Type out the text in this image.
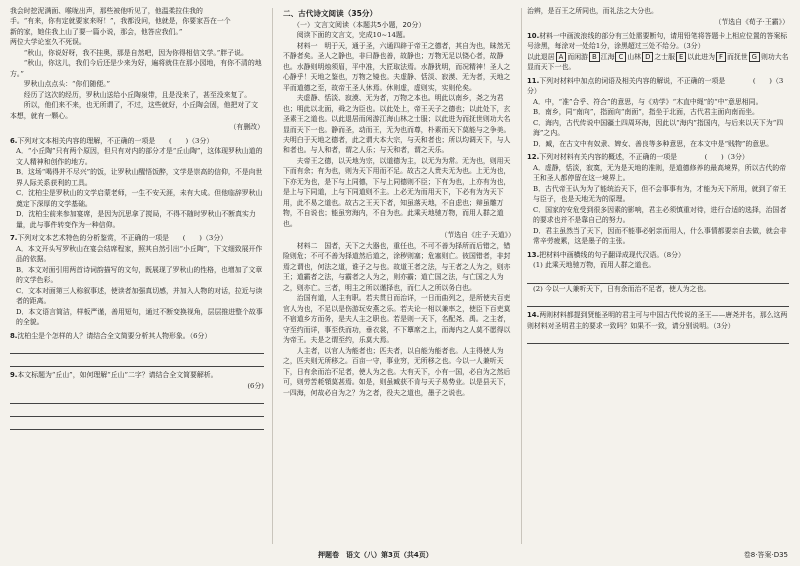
我会时挖泥满面、喉咙出声，那些被他听见了，他温柔拉住我的

手。“有来，你有定就要家来呀！”，我都没问，他就是，你要家吾在一个

新的家，她住我上山了要一篇小说，那会，他答应我们。”

两位大学论室久不死误。

“秋山，你说好呀，我不挂奥，那是自然吧，因为你得相信文学。”胖子说。

“秋山，你这儿，我们今后还是少来为好，遍将就住在那小园地，有你不清的地方。”

罗秋山点点头：“你们随便。”

经历了这次的经历，罗秋山送给小丘陶泉带，且是没来了，甚至没来复了。

所以，他们来不来，也无所谓了，不过，这些就好，小丘陶会固，他把对了文本想，就有一颗心。

（有删改）

6.下列对文本相关内容的理解，不正确的一项是　　(　　)（3分）

A．“小丘陶”只有两个原因，但只有对内的部分才是“丘山陶”，这体现罗秋山道的文人精神和创作的地方。

B．这场“喝得并不尽兴”的饭，让罗秋山醒悟饭醉，文学是崇高的信仰，不是向世界人际关系获利的工具。

C．沈柏尘是罗秋山的文学启蒙老师，一生不安天涯，未有大成。但他临辞罗秋山奠定下深厚的文学基础。

D．沈柏尘前来参加宴席，是因为沉思拿了搅局，不得不随时罗秋山不断真实力量，此与事件转变作为一种信仰。

7.下列对文本艺术特色的分析鉴赏，不正确的一项是　　(　　)（3分）

A．本文开头写罗秋山在宴会结席程家，照其自然引出“小丘陶”，下文细致展开作品的依据。

B．本文对面引用两首诗词韵描写的文句，既展现了罗秋山的性格，也增加了文章的文学色彩。

C．文本对面第三人称叙事述，使读者加强真切感，并加入人物的对话，拉近与读者的距离。

D．本文语言简洁，样板严谨，善用短句，通过不断变换视角，层层推进整个故事的全貌。

8.沈柏尘是个怎样的人？请结合全文简要分析其人物形象。（6分）

9.本文标题为“丘山”，如何理解“丘山”二字？请结合全文简要解析。

(6分)

二、古代诗文阅读（35分）

（一）文言文阅读（本题共5小题，20分）

阅读下面的文言文，完成10~14题。

材料一　明于天，通于圣，六通四辟于帝王之德者，其自为也，昧然无不静者矣。圣人之静也，非曰静也善，故静也；万物无足以铙心者，故静也。水静则明烛须眉，平中准，大匠取法焉。水静犹明，而况精神！圣人之心静乎！天地之鉴也，万物之镜也。夫虚静、恬淡、寂漠、无为者，天地之平而道德之至，故帝王圣人休焉。休则虚，虚则实，实则伦矣。

夫虚静、恬淡、寂漠、无为者，万物之本也。明此以南乡，尧之为君也；明此以北面，舜之为臣也。以此处上，帝王天子之德也；以此处下，玄圣素王之道也。以此退居而闲游江海山林之士服；以此进为而抚世则功大名显而天下一也。静而圣，动而王，无为也而尊，朴素而天下莫能与之争美。夫明白于天地之德者，此之谓大本大宗，与天和者也；所以均调天下，与人和者也。与人和者，谓之人乐；与天和者，谓之天乐。

夫帝王之德，以天地为宗，以道德为主，以无为为常。无为也，则用天下而有余；有为也，则为天下用而不足。故古之人贵夫无为也。上无为也，下亦无为也，是下与上同德，下与上同德则不臣；下有为也，上亦有为也，是上与下同道，上与下同道则不主。上必无为而用天下，下必有为为天下用，此不易之道也。故古之王天下者，知虽落天地，不自虑也；辩虽雕万物，不自说也；能虽穷海内，不自为也。此乘天地驰万物，而用人群之道也。

（节选自《庄子·天道》）

材料二　国者，天下之大器也，重任也，不可不善为择所而后错之，错险则危；不可不善为择道然后道之，涂秽则塞；危塞则亡。彼国错者，非封焉之谓也，何法之道，谁子之与也。故道王者之法，与王者之人为之，则亦王；道霸者之法，与霸者之人为之，则亦霸；道亡国之法，与亡国之人为之，则亦亡。三者，明主之所以谨择也，而仁人之所以务白也。

治国有道，人主有职。若夫贯日而治详，一日而曲列之，是所使夫百吏官人为也，不足以是伤游玩安燕之乐。若夫论一相以兼率之，使臣下百吏莫不宿道乡方而务，是夫人主之职也。若是则一天下，名配尧、禹。之主者，守至约而详，事至佚而功，垂衣裳，不下簟席之上，而海内之人莫不愿得以为帝王。夫是之谓至约，乐莫大焉。

人主者，以官人为能者也；匹夫者，以自能为能者也。人主得使人为之，匹夫则无所移之。百亩一守，事业穷，无所移之也。今以一人兼听天下，日有余而治不足者，使人为之也。大有天下，小有一国，必自为之然后可，则劳苦耗顇莫甚焉。如是，则虽臧获不肯与天子易势业。以是县天下，一四海，何故必自为之？为之者，役夫之道也，墨子之说也。

治辨，是百王之所同也，而礼法之大分也。

（节选自《荀子·王霸》）

10.材料一中画波浪线的部分有三处需要断句，请用铅笔将答题卡上相应位置的答案标号涂黑，每涂对一处给1分，涂黑超过三处不给分。（3分）

以此退居 A 而闲游 B 江海 C 山林 D 之士服 E 以此进为 F 而抚世 G 则功大名显而天下一也。

11.下列对材料中加点的词语及相关内容的解说，不正确的一项是　　　　(　　)（3分）

A．中，“准”合乎、符合”的意思，与《劝学》“木直中绳”的“中”意思相同。

B．南乡，同“南向”，指面向“南面”，指坐于北面，古代君主面向南而坐。

C．海内，古代传说中国疆土四周环海，因此以“海内”指国内，与后来以天下为“四海”之内。

D．臧，在古文中有奴隶、婢女、善良等多种意思，在本文中是“贱物”的意思。

12.下列对材料有关内容的概述，不正确的一项是　　　　(　　)（3分）

A．虚静，恬淡，寂寞，无为是天地的准则，是道德修养的最高境界，所以古代的帝王和圣人都停留在这一境界上。

B．古代帝王认为为了能统治天下，但不会事事有为，才能为天下所用，就到了帝王与臣子，也是天地无为的原理。

C．国家的安危受到很多因素的影响，君主必须慎重对待，进行合适的选择，治国者的要求也并不是靠自己的努力。

D．君主虽然当了天下，因而不能事必躬亲而用人，什么事情都要亲自去做，就会非常辛劳疲累，这是墨子的主张。

13.把材料中画横线的句子翻译成现代汉语。（8分）

(1) 此乘天地驰万物，而用人群之道也。

(2) 今以一人兼听天下，日有余而治不足者，使人为之也。

14.两则材料都提到贤能圣明的君主可与中国古代传说的圣王——唐尧并名，那么这两则材料对圣明君主的要求一致吗？如果不一致，请分别说明。（3分）

押题卷　语文（八）第3页（共4页）	卷8·答案·D35
